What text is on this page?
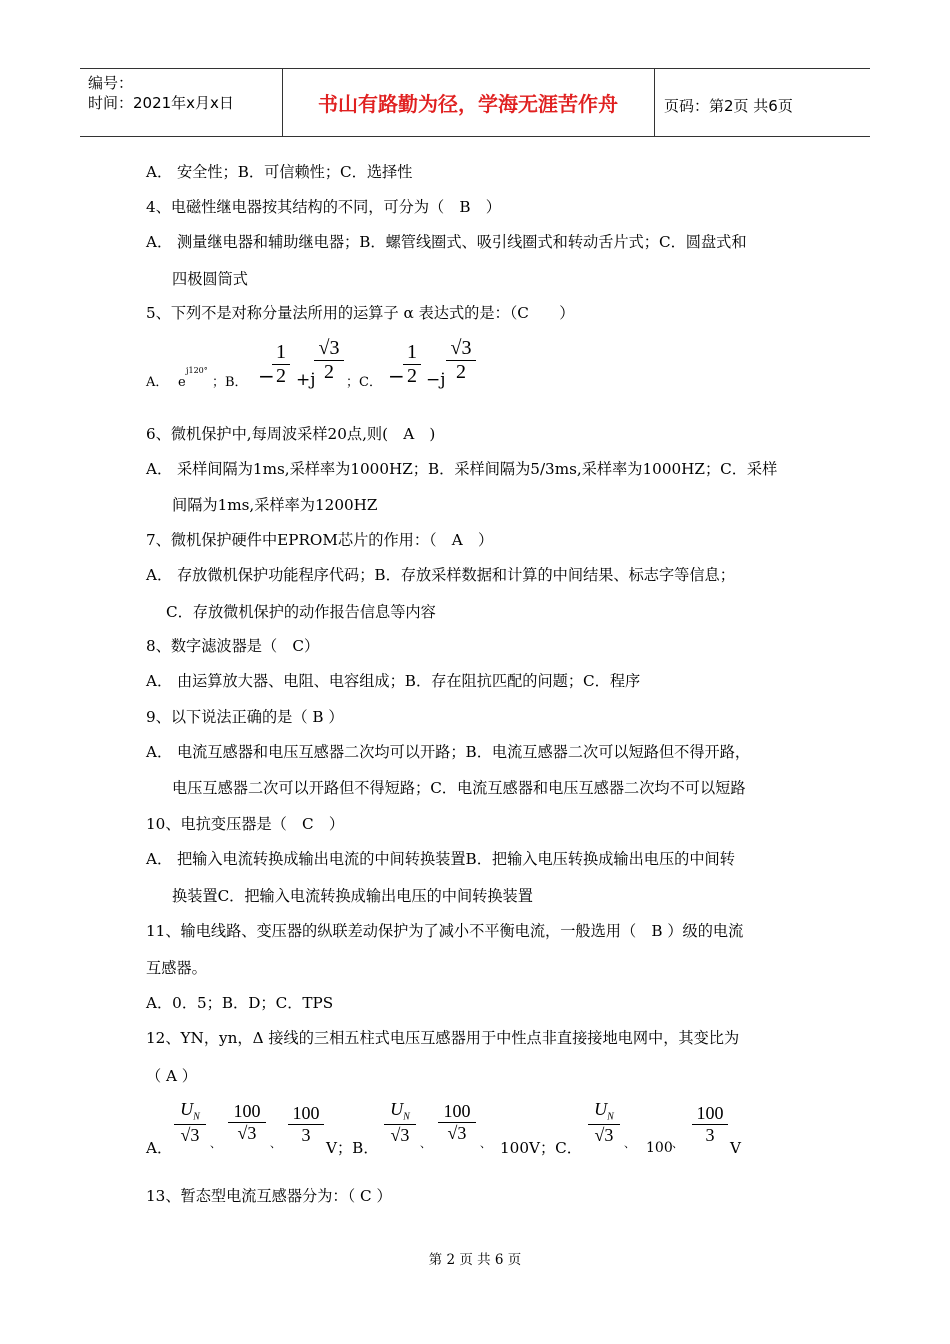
编号：
时间：2021年x月x日	书山有路勤为径，学海无涯苦作舟	页码：第2页 共6页
A． 安全性；B．可信赖性；C．选择性
4、电磁性继电器按其结构的不同，可分为（　B　）
A． 测量继电器和辅助继电器；B．螺管线圈式、吸引线圈式和转动舌片式；C．圆盘式和
四极圆筒式
5、下列不是对称分量法所用的运算子 α 表达式的是：（C　　）
A． e
j120°
；B． −
1
2 +j
√3
2 ；C． −
1
2 −j
√3
2
6、微机保护中,每周波采样20点,则(　A　)
A． 采样间隔为1ms,采样率为1000HZ；B．采样间隔为5/3ms,采样率为1000HZ；C．采样
间隔为1ms,采样率为1200HZ
7、微机保护硬件中EPROM芯片的作用：（　A　）
A． 存放微机保护功能程序代码；B．存放采样数据和计算的中间结果、标志字等信息；
C．存放微机保护的动作报告信息等内容
8、数字滤波器是（　C）
A． 由运算放大器、电阻、电容组成；B．存在阻抗匹配的问题；C．程序
9、以下说法正确的是（ B ）
A． 电流互感器和电压互感器二次均可以开路；B．电流互感器二次可以短路但不得开路，
电压互感器二次可以开路但不得短路；C．电流互感器和电压互感器二次均不可以短路
10、电抗变压器是（　C　）
A． 把输入电流转换成输出电流的中间转换装置B．把输入电压转换成输出电压的中间转
换装置C．把输入电流转换成输出电压的中间转换装置
11、输电线路、变压器的纵联差动保护为了减小不平衡电流，一般选用（　B ）级的电流
互感器。
A．0．5；B．D；C．TPS
12、YN，yn，Δ 接线的三相五柱式电压互感器用于中性点非直接接地电网中，其变比为
（ A ）
A．
$U_N$
√3 、
100
√3
、
100
3
V；B．
$U_N$
√3 、
100
√3
、 100V；C．
$U_N$
√3 、 100 、
100
3
V
13、暂态型电流互感器分为：（ C ）
第 2 页 共 6 页
